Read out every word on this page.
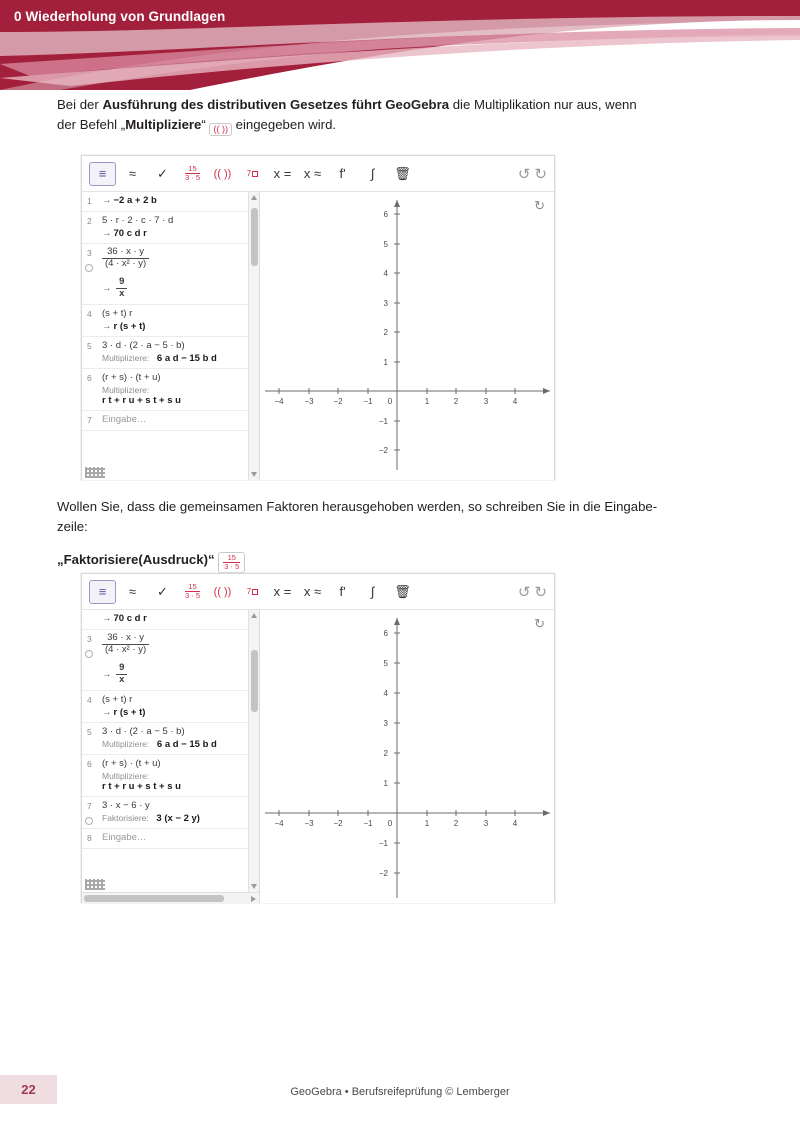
0 Wiederholung von Grundlagen

Bei der Ausführung des distributiven Gesetzes führt GeoGebra die Multiplikation nur aus, wenn
der Befehl „Multipliziere“ (( )) eingegeben wird.

≡	≈	✓	$\frac{15}{3 \cdot 5}$	(( ))	7	x = x ≈	f'	∫	🗑	↺ ↻
1 → −2 a + 2 b
2 5 · r · 2 · c · 7 · d
→ 70 c d r
$3 \frac{36 \cdot x \cdot y}{\text{(4 · x² · y)}}$
→ $\frac{9}{x}$
4 (s + t) r
→ r (s + t)
5 3 · d · (2 · a − 5 · b)
Multipliziere: 6 a d − 15 b d
6 (r + s) · (t + u)
Multipliziere:
r t + r u + s t + s u
7 Eingabe…
−4	−3 −2	−1 0	1	2	3	4
6
5
4
3
2
1
−1
−2
↻

Wollen Sie, dass die gemeinsamen Faktoren herausgehoben werden, so schreiben Sie in die Eingabe-
zeile:

„Faktorisiere(Ausdruck)“ $\frac{15}{3 \cdot 5}$

≡	≈	✓	$\frac{15}{3 \cdot 5}$	(( ))	7	x = x ≈	f'	∫	🗑	↺ ↻
→ 70 c d r
$3 \frac{36 \cdot x \cdot y}{\text{(4 · x² · y)}}$
→ $\frac{9}{x}$
4 (s + t) r
→ r (s + t)
5 3 · d · (2 · a − 5 · b)
Multipliziere: 6 a d − 15 b d
6 (r + s) · (t + u)
Multipliziere:
r t + r u + s t + s u
7 3 · x − 6 · y
Faktorisiere: 3 (x − 2 y)
8 Eingabe…
−4	−3 −2	−1 0	1	2	3	4
6
5
4
3
2
1
−1
−2
↻
22	GeoGebra • Berufsreifeprüfung © Lemberger
